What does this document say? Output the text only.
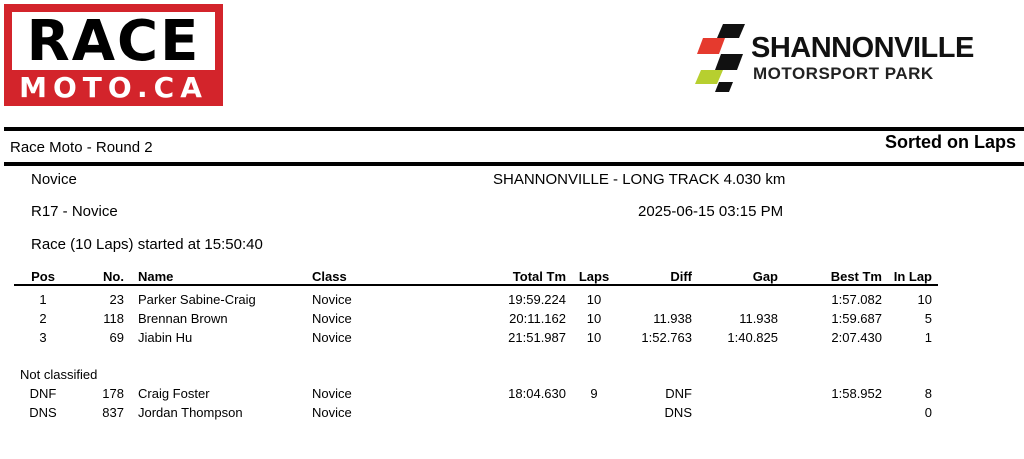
RACE
MOTO.CA
SHANNONVILLE
MOTORSPORT PARK
Race Moto - Round 2	Sorted on Laps
Novice	SHANNONVILLE - LONG TRACK 4.030 km
R17 - Novice	2025-06-15 03:15 PM
Race (10 Laps) started at 15:50:40
Pos	No.	Name	Class	Total Tm	Laps	Diff	Gap	Best Tm	In Lap

1	23	Parker Sabine-Craig	Novice	19:59.224	10			1:57.082	10
2	118	Brennan Brown	Novice	20:11.162	10	11.938	11.938	1:59.687	5
3	69	Jiabin Hu	Novice	21:51.987	10	1:52.763	1:40.825	2:07.430	1

Not classified									
DNF	178	Craig Foster	Novice	18:04.630	9	DNF		1:58.952	8
DNS	837	Jordan Thompson	Novice			DNS			0
